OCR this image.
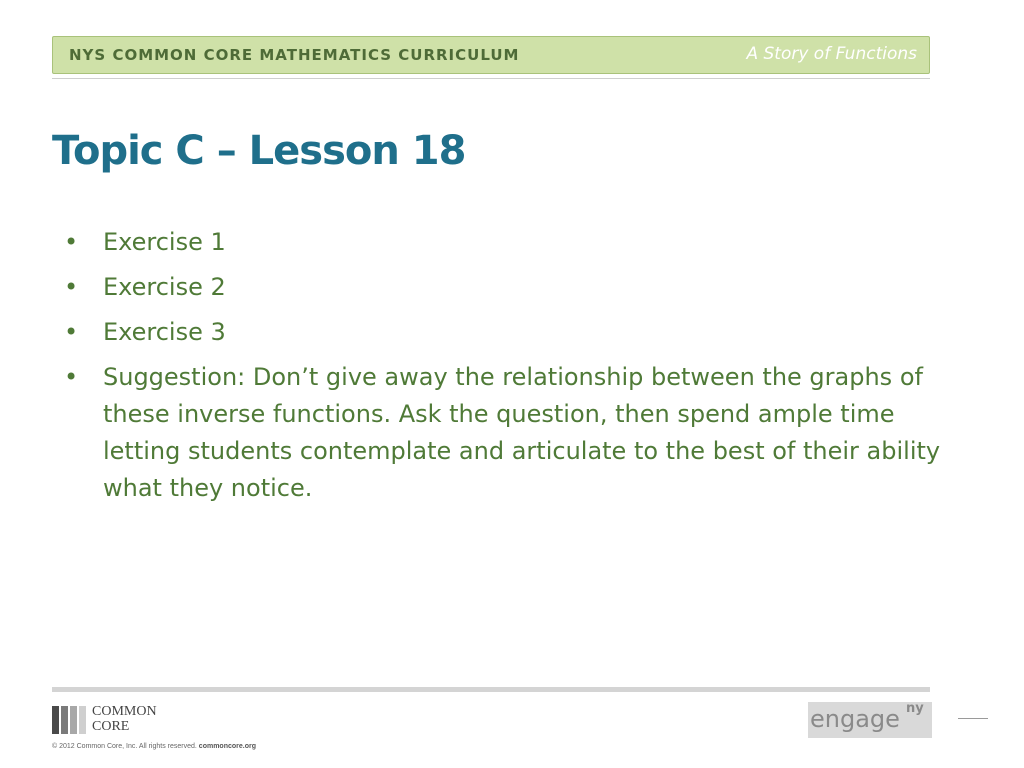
NYS COMMON CORE MATHEMATICS CURRICULUM	A Story of Functions
Topic C – Lesson 18
• Exercise 1
• Exercise 2
• Exercise 3
• Suggestion: Don’t give away the relationship between the graphs of these inverse functions. Ask the question, then spend ample time letting students contemplate and articulate to the best of their ability what they notice.
COMMON
CORE
© 2012 Common Core, Inc. All rights reserved. commoncore.org
engage ny
